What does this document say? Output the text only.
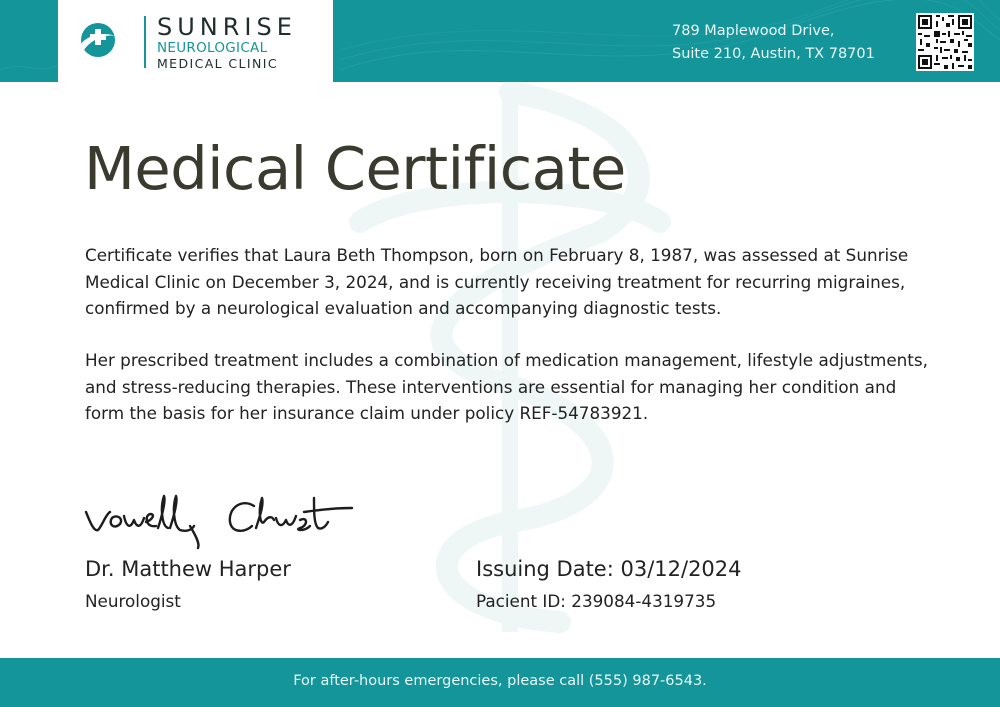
SUNRISE
NEUROLOGICAL
MEDICAL CLINIC
789 Maplewood Drive,
Suite 210, Austin, TX 78701
Medical Certificate

Certificate verifies that Laura Beth Thompson, born on February 8, 1987, was assessed at Sunrise Medical Clinic on December 3, 2024, and is currently receiving treatment for recurring migraines, confirmed by a neurological evaluation and accompanying diagnostic tests.

Her prescribed treatment includes a combination of medication management, lifestyle adjustments, and stress-reducing therapies. These interventions are essential for managing her condition and form the basis for her insurance claim under policy REF-54783921.

Dr. Matthew Harper
Neurologist
Issuing Date: 03/12/2024
Pacient ID: 239084-4319735
For after-hours emergencies, please call (555) 987-6543.
